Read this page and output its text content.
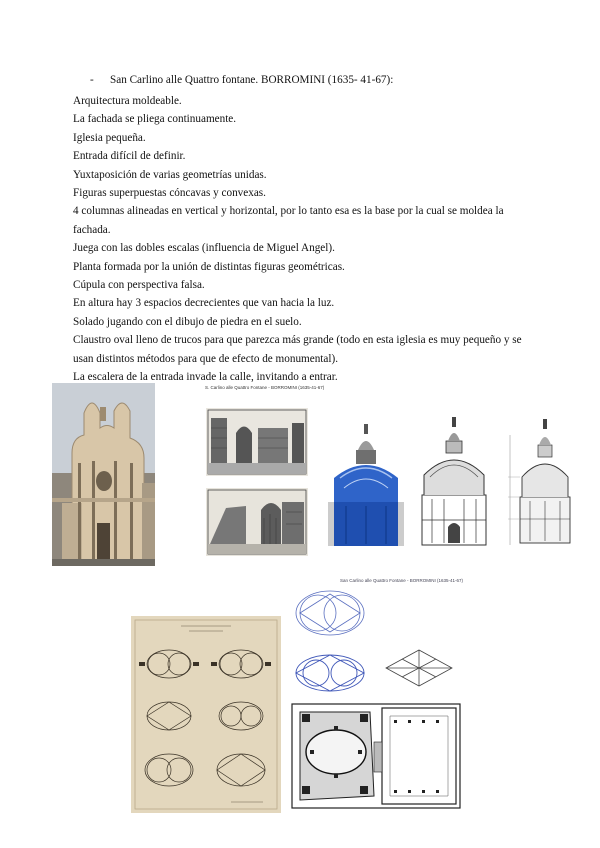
- San Carlino alle Quattro fontane. BORROMINI (1635- 41-67):
Arquitectura moldeable.
La fachada se pliega continuamente.
Iglesia pequeña.
Entrada difícil de definir.
Yuxtaposición de varias geometrías unidas.
Figuras superpuestas cóncavas y convexas.
4 columnas alineadas en vertical y horizontal, por lo tanto esa es la base por la cual se moldea la fachada.
Juega con las dobles escalas (influencia de Miguel Angel).
Planta formada por la unión de distintas figuras geométricas.
Cúpula con perspectiva falsa.
En altura hay 3 espacios decrecientes que van hacia la luz.
Solado jugando con el dibujo de piedra en el suelo.
Claustro oval lleno de trucos para que parezca más grande (todo en esta iglesia es muy pequeño y se usan distintos métodos para que de efecto de monumental).
La escalera de la entrada invade la calle, invitando a entrar.
S. Carlino alle Quattro Fontane - BORROMINI (1635-41-67)
San Carlino alle Quattro Fontane - BORROMINI (1635-41-67)
